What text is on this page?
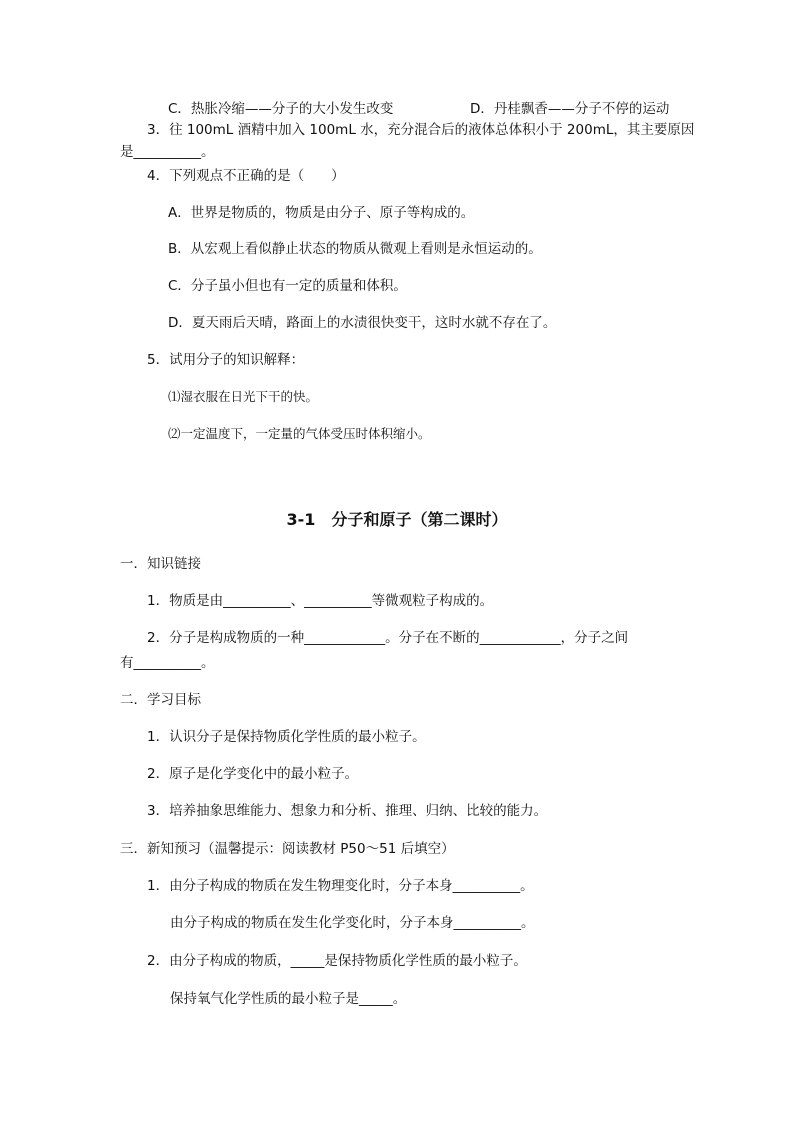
C．热胀冷缩——分子的大小发生改变	D．丹桂飘香——分子不停的运动
3．往 100mL 酒精中加入 100mL 水，充分混合后的液体总体积小于 200mL，其主要原因
是__________。
4．下列观点不正确的是（　　）
A．世界是物质的，物质是由分子、原子等构成的。
B．从宏观上看似静止状态的物质从微观上看则是永恒运动的。
C．分子虽小但也有一定的质量和体积。
D．夏天雨后天晴，路面上的水渍很快变干，这时水就不存在了。
5．试用分子的知识解释：
⑴湿衣服在日光下干的快。
⑵一定温度下，一定量的气体受压时体积缩小。
3-1　分子和原子（第二课时）
一．知识链接
1．物质是由__________、__________等微观粒子构成的。
2．分子是构成物质的一种____________。分子在不断的____________，分子之间
有__________。
二．学习目标
1．认识分子是保持物质化学性质的最小粒子。
2．原子是化学变化中的最小粒子。
3．培养抽象思维能力、想象力和分析、推理、归纳、比较的能力。
三．新知预习（温馨提示：阅读教材 P50～51 后填空）
1．由分子构成的物质在发生物理变化时，分子本身__________。
由分子构成的物质在发生化学变化时，分子本身__________。
2．由分子构成的物质，_____是保持物质化学性质的最小粒子。
保持氧气化学性质的最小粒子是_____。
